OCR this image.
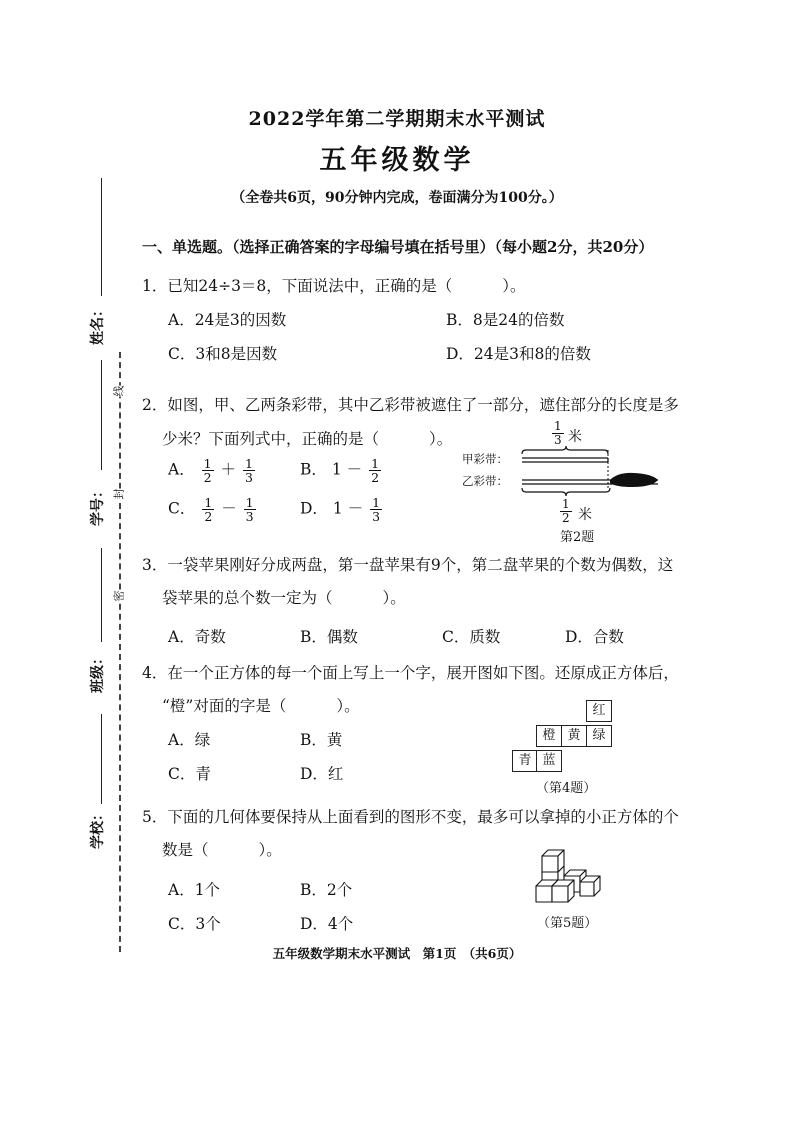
2022学年第二学期期末水平测试
五年级数学
（全卷共6页，90分钟内完成，卷面满分为100分。）
姓名：
学号：
班级：
学校：
线
封
密
一、单选题。（选择正确答案的字母编号填在括号里）（每小题2分，共20分）
1．已知24÷3＝8，下面说法中，正确的是（	）。
A．24是3的因数	B．8是24的倍数
C．3和8是因数	D．24是3和8的倍数
2．如图，甲、乙两条彩带，其中乙彩带被遮住了一部分，遮住部分的长度是多
少米？下面列式中，正确的是（	）。
A． $\frac{1}{2} + \frac{1}{3}$	B． $1 - \frac{1}{2}$
C． $\frac{1}{2} - \frac{1}{3}$	D． $1 - \frac{1}{3}$
$\frac{1}{3}$ 米
甲彩带：
乙彩带：
$\frac{1}{2}$ 米
第2题
3．一袋苹果刚好分成两盘，第一盘苹果有9个，第二盘苹果的个数为偶数，这
袋苹果的总个数一定为（	）。
A．奇数	B．偶数	C．质数	D．合数
4．在一个正方体的每一个面上写上一个字，展开图如下图。还原成正方体后，
“橙”对面的字是（	）。
A．绿	B．黄
C．青	D．红
红
橙 黄 绿
青 蓝
（第4题）
5．下面的几何体要保持从上面看到的图形不变，最多可以拿掉的小正方体的个
数是（	）。
A．1个	B．2个
C．3个	D．4个	（第5题）
五年级数学期末水平测试　第1页　（共6页）
